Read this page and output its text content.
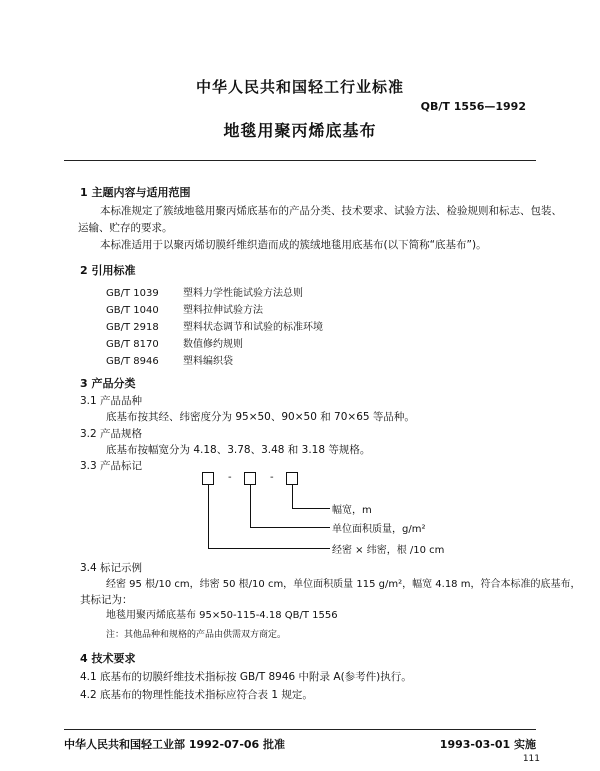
中华人民共和国轻工行业标准
QB/T 1556—1992
地毯用聚丙烯底基布
1 主题内容与适用范围
本标准规定了簇绒地毯用聚丙烯底基布的产品分类、技术要求、试验方法、检验规则和标志、包装、
运输、贮存的要求。
本标准适用于以聚丙烯切膜纤维织造而成的簇绒地毯用底基布(以下简称“底基布”)。
2 引用标准
GB/T 1039 塑料力学性能试验方法总则
GB/T 1040 塑料拉伸试验方法
GB/T 2918 塑料状态调节和试验的标准环境
GB/T 8170 数值修约规则
GB/T 8946 塑料编织袋
3 产品分类
3.1 产品品种
底基布按其经、纬密度分为 95×50、90×50 和 70×65 等品种。
3.2 产品规格
底基布按幅宽分为 4.18、3.78、3.48 和 3.18 等规格。
3.3 产品标记
-	-
幅宽，m
单位面积质量，g/m²
经密 × 纬密，根 /10 cm
3.4 标记示例
经密 95 根/10 cm，纬密 50 根/10 cm，单位面积质量 115 g/m²，幅宽 4.18 m，符合本标准的底基布，
其标记为：
地毯用聚丙烯底基布 95×50-115-4.18 QB/T 1556
注：其他品种和规格的产品由供需双方商定。
4 技术要求
4.1 底基布的切膜纤维技术指标按 GB/T 8946 中附录 A(参考件)执行。
4.2 底基布的物理性能技术指标应符合表 1 规定。
中华人民共和国轻工业部 1992-07-06 批准	1993-03-01 实施
111
